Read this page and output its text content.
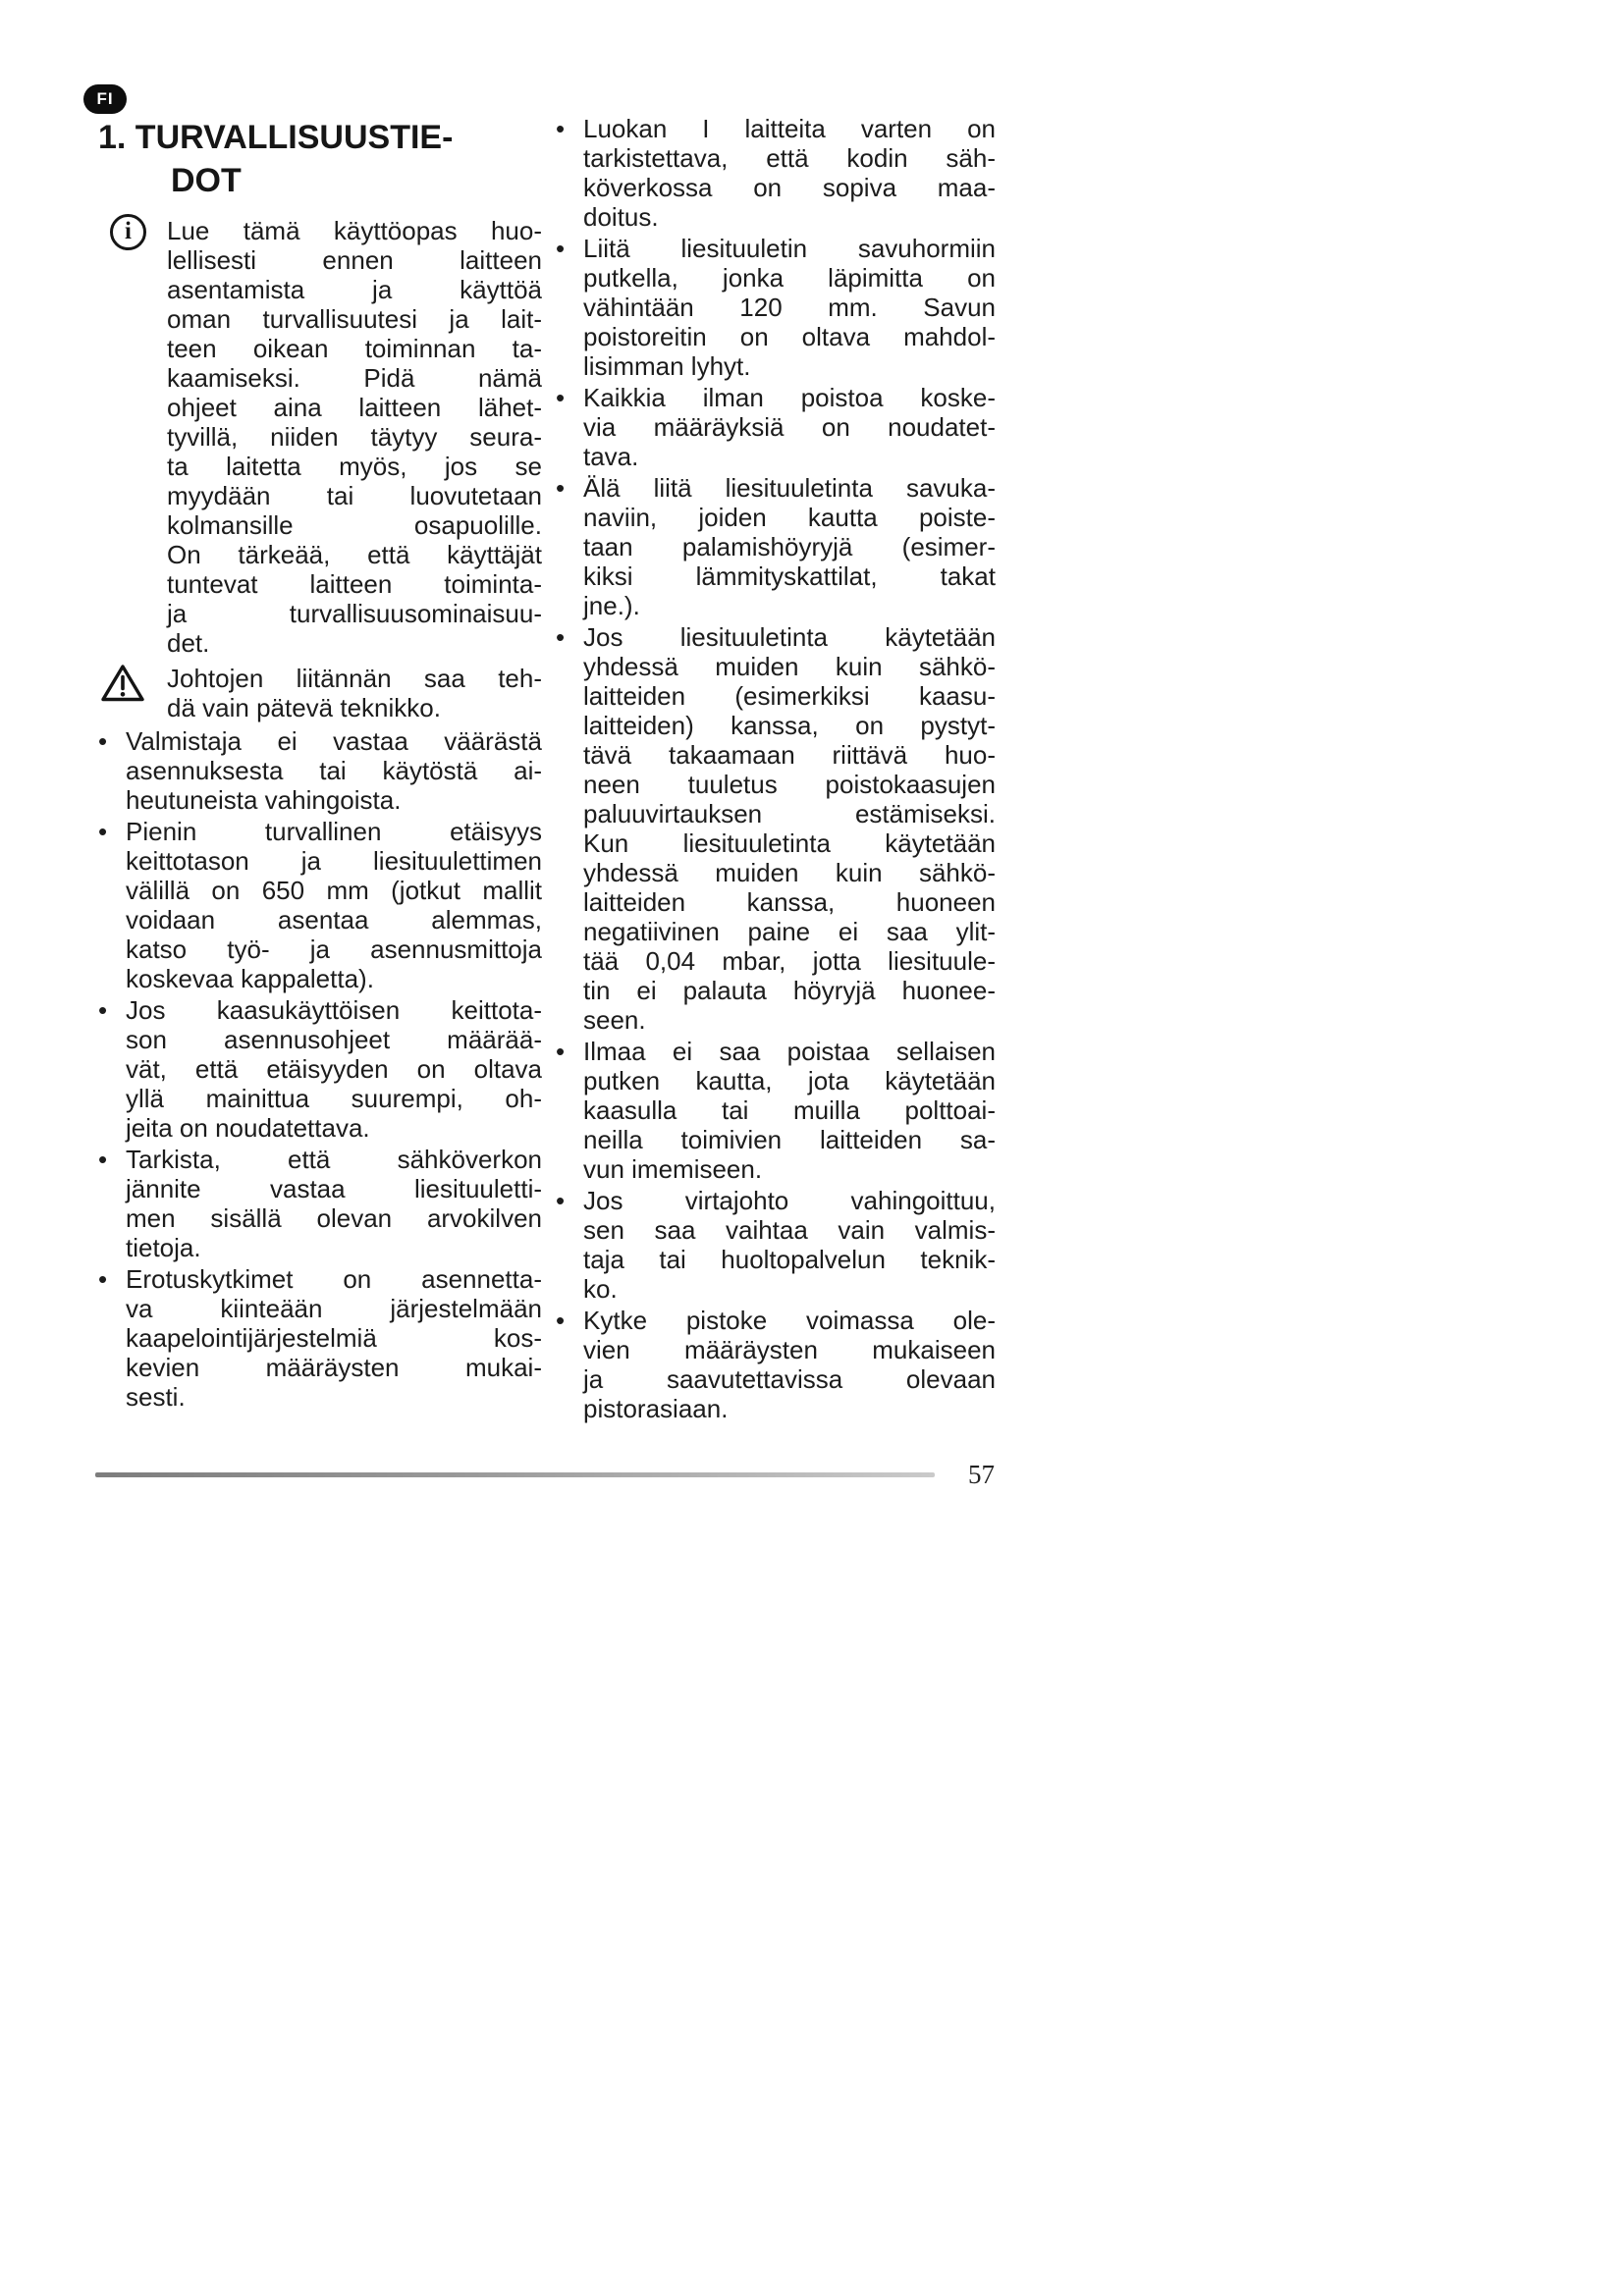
FI
1. TURVALLISUUSTIE-
DOT
i	Lue tämä käyttöopas huo-
lellisesti ennen laitteen
asentamista ja käyttöä
oman turvallisuutesi ja lait-
teen oikean toiminnan ta-
kaamiseksi. Pidä nämä
ohjeet aina laitteen lähet-
tyvillä, niiden täytyy seura-
ta laitetta myös, jos se
myydään tai luovutetaan
kolmansille osapuolille.
On tärkeää, että käyttäjät
tuntevat laitteen toiminta-
ja turvallisuusominaisuu-
det.
Johtojen liitännän saa teh-
dä vain pätevä teknikko.
• Valmistaja ei vastaa väärästä
asennuksesta tai käytöstä ai-
heutuneista vahingoista.
• Pienin turvallinen etäisyys
keittotason ja liesituulettimen
välillä on 650 mm (jotkut mallit
voidaan asentaa alemmas,
katso työ- ja asennusmittoja
koskevaa kappaletta).
• Jos kaasukäyttöisen keittota-
son asennusohjeet määrää-
vät, että etäisyyden on oltava
yllä mainittua suurempi, oh-
jeita on noudatettava.
• Tarkista, että sähköverkon
jännite vastaa liesituuletti-
men sisällä olevan arvokilven
tietoja.
• Erotuskytkimet on asennetta-
va kiinteään järjestelmään
kaapelointijärjestelmiä kos-
kevien määräysten mukai-
sesti.
• Luokan I laitteita varten on
tarkistettava, että kodin säh-
köverkossa on sopiva maa-
doitus.
• Liitä liesituuletin savuhormiin
putkella, jonka läpimitta on
vähintään 120 mm. Savun
poistoreitin on oltava mahdol-
lisimman lyhyt.
• Kaikkia ilman poistoa koske-
via määräyksiä on noudatet-
tava.
• Älä liitä liesituuletinta savuka-
naviin, joiden kautta poiste-
taan palamishöyryjä (esimer-
kiksi lämmityskattilat, takat
jne.).
• Jos liesituuletinta käytetään
yhdessä muiden kuin sähkö-
laitteiden (esimerkiksi kaasu-
laitteiden) kanssa, on pystyt-
tävä takaamaan riittävä huo-
neen tuuletus poistokaasujen
paluuvirtauksen estämiseksi.
Kun liesituuletinta käytetään
yhdessä muiden kuin sähkö-
laitteiden kanssa, huoneen
negatiivinen paine ei saa ylit-
tää 0,04 mbar, jotta liesituule-
tin ei palauta höyryjä huonee-
seen.
• Ilmaa ei saa poistaa sellaisen
putken kautta, jota käytetään
kaasulla tai muilla polttoai-
neilla toimivien laitteiden sa-
vun imemiseen.
• Jos virtajohto vahingoittuu,
sen saa vaihtaa vain valmis-
taja tai huoltopalvelun teknik-
ko.
• Kytke pistoke voimassa ole-
vien määräysten mukaiseen
ja saavutettavissa olevaan
pistorasiaan.
57
